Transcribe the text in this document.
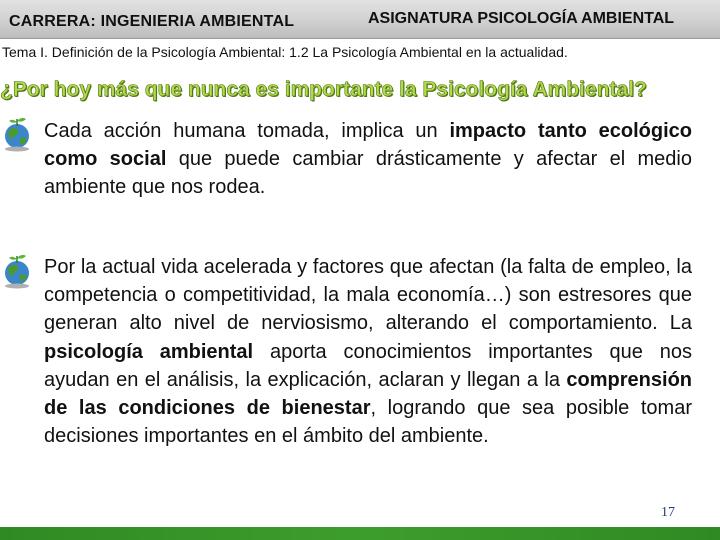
CARRERA: INGENIERIA AMBIENTAL	ASIGNATURA PSICOLOGÍA AMBIENTAL
Tema I. Definición de la Psicología Ambiental: 1.2 La Psicología Ambiental en la actualidad.
¿Por hoy más que nunca es importante la Psicología Ambiental?
Cada acción humana tomada, implica un impacto tanto ecológico como social que puede cambiar drásticamente y afectar el medio ambiente que nos rodea.
Por la actual vida acelerada y factores que afectan (la falta de empleo, la competencia o competitividad, la mala economía…) son estresores que generan alto nivel de nerviosismo, alterando el comportamiento. La psicología ambiental aporta conocimientos importantes que nos ayudan en el análisis, la explicación, aclaran y llegan a la comprensión de las condiciones de bienestar, logrando que sea posible tomar decisiones importantes en el ámbito del ambiente.
17
